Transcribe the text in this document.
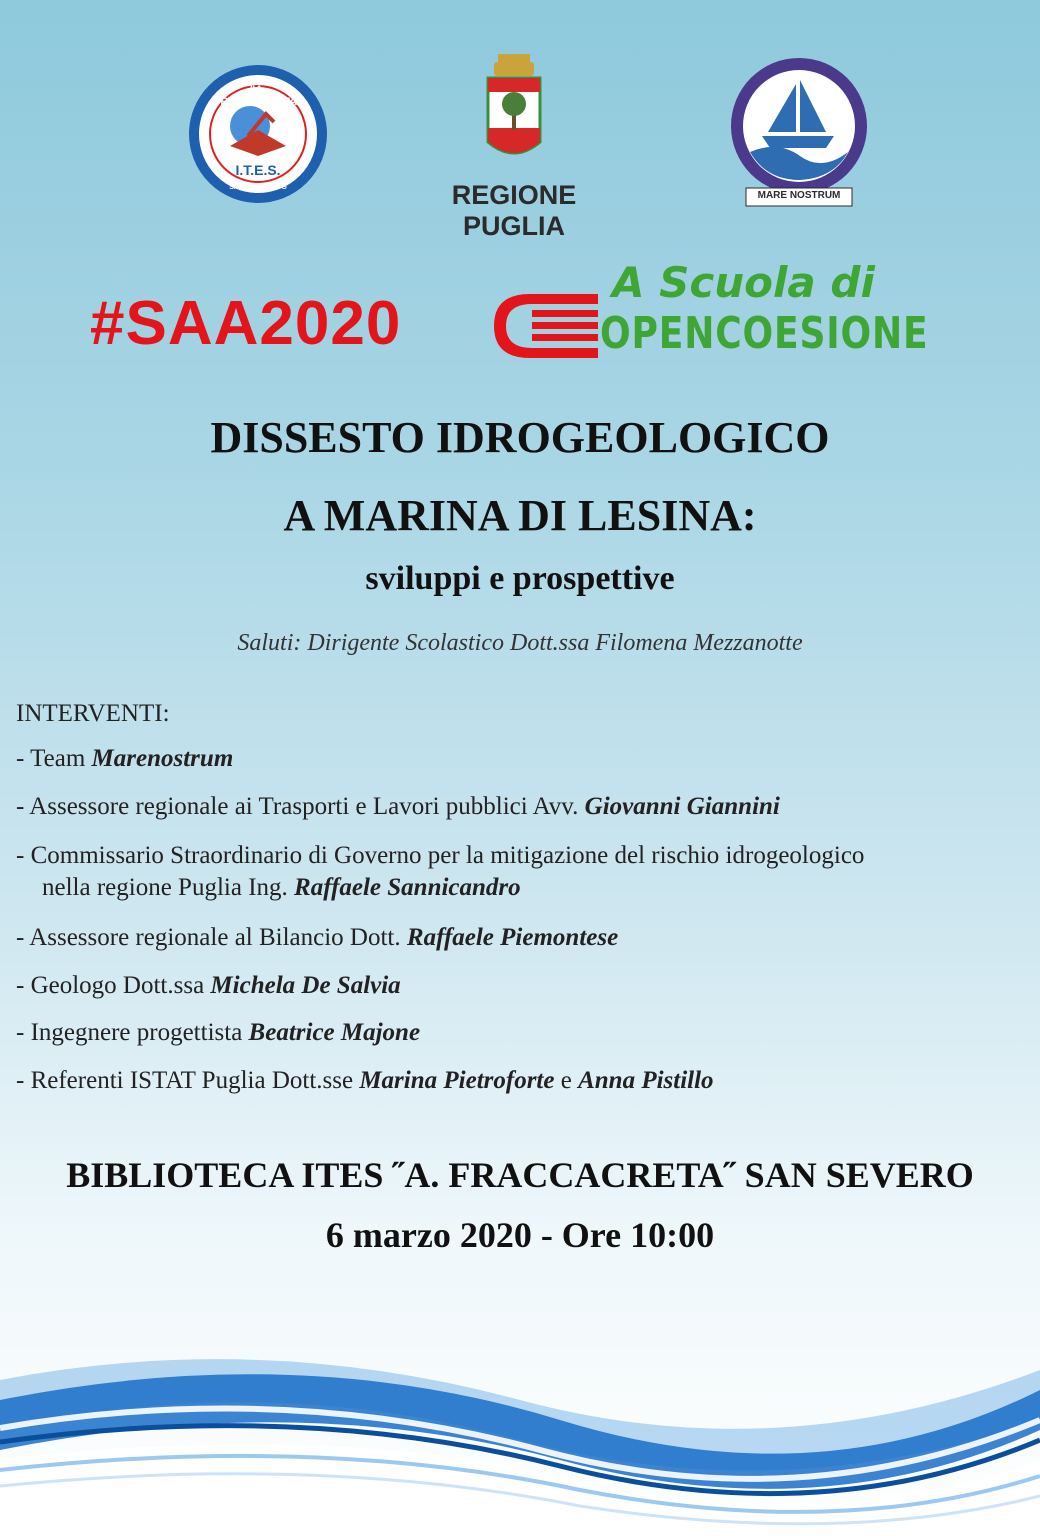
"A. FRACCACRETA"
I.T.E.S.
SAN SEVERO FG	REGIONE PUGLIA
MARE NOSTRUM
#SAA2020
A Scuola di
OPENCOESIONE
DISSESTO IDROGEOLOGICO
A MARINA DI LESINA:
sviluppi e prospettive
Saluti: Dirigente Scolastico Dott.ssa Filomena Mezzanotte
INTERVENTI:
- Team Marenostrum
- Assessore regionale ai Trasporti e Lavori pubblici Avv. Giovanni Giannini
- Commissario Straordinario di Governo per la mitigazione del rischio idrogeologico
nella regione Puglia Ing. Raffaele Sannicandro
- Assessore regionale al Bilancio Dott. Raffaele Piemontese
- Geologo Dott.ssa Michela De Salvia
- Ingegnere progettista Beatrice Majone
- Referenti ISTAT Puglia Dott.sse Marina Pietroforte e Anna Pistillo
BIBLIOTECA ITES ˝A. FRACCACRETA˝ SAN SEVERO
6 marzo 2020 - Ore 10:00
